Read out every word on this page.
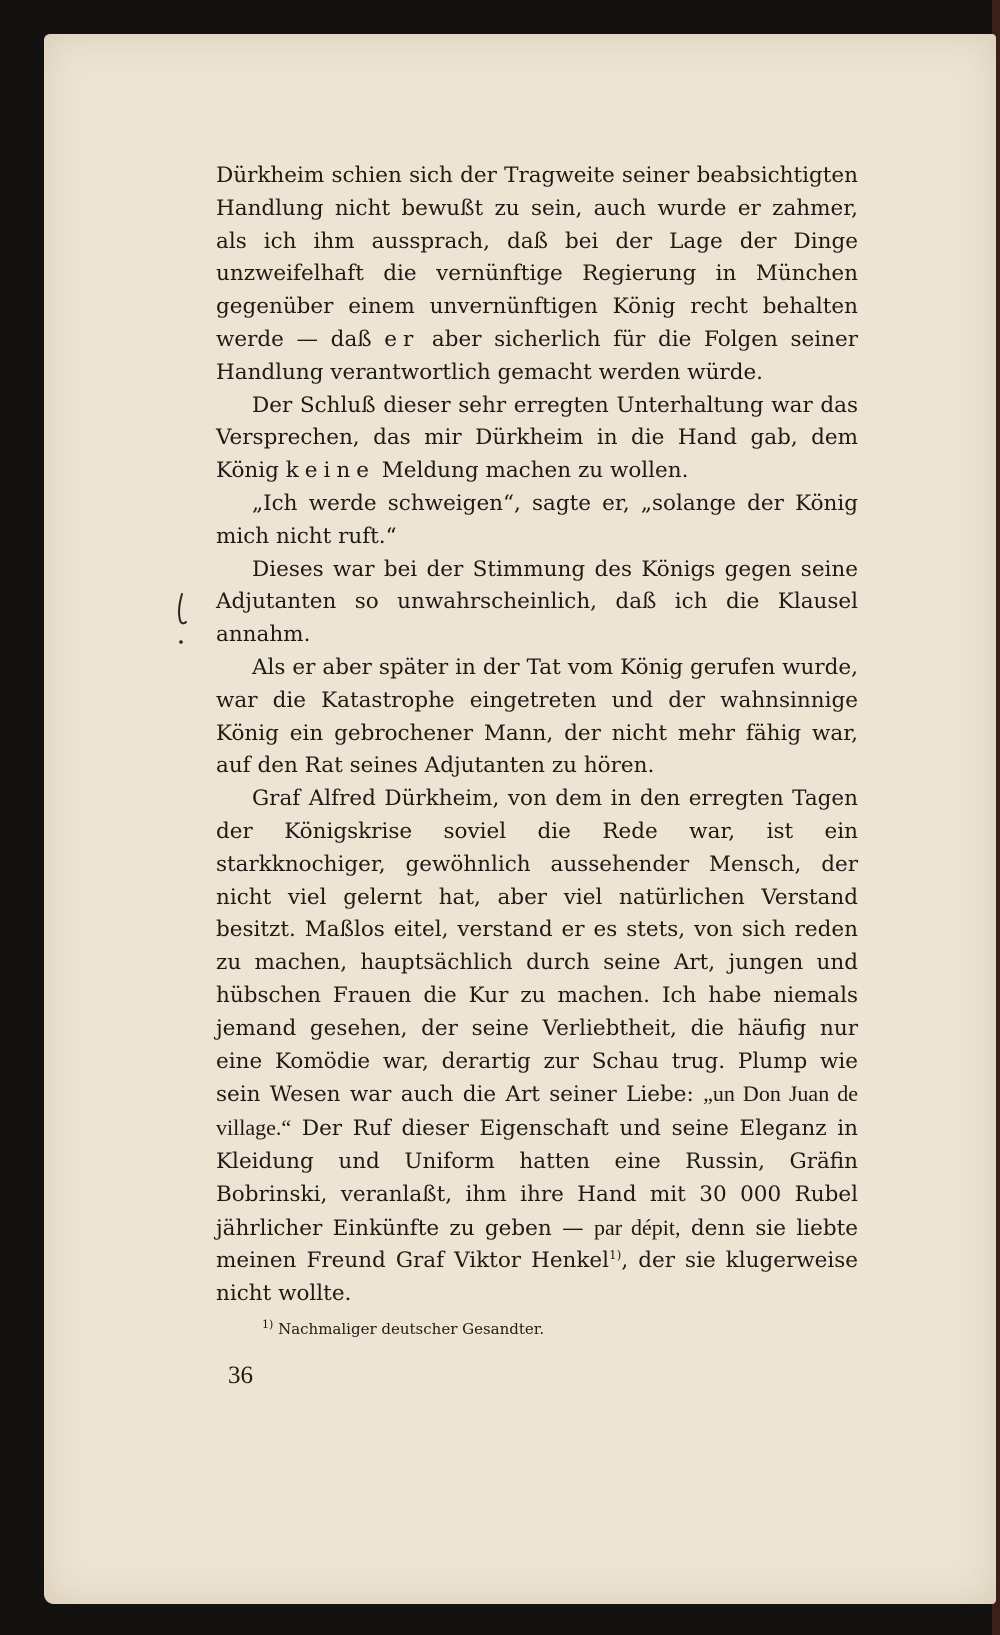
Dürkheim schien sich der Tragweite seiner beabsichtigten Handlung nicht bewußt zu sein, auch wurde er zahmer, als ich ihm aussprach, daß bei der Lage der Dinge unzweifelhaft die vernünftige Regierung in München gegenüber einem unvernünftigen König recht behalten werde — daß er aber sicherlich für die Folgen seiner Handlung verantwortlich gemacht werden würde.

Der Schluß dieser sehr erregten Unterhaltung war das Versprechen, das mir Dürkheim in die Hand gab, dem König keine Meldung machen zu wollen.

„Ich werde schweigen“, sagte er, „solange der König mich nicht ruft.“

Dieses war bei der Stimmung des Königs gegen seine Adjutanten so unwahrscheinlich, daß ich die Klausel annahm.

Als er aber später in der Tat vom König gerufen wurde, war die Katastrophe eingetreten und der wahnsinnige König ein gebrochener Mann, der nicht mehr fähig war, auf den Rat seines Adjutanten zu hören.

Graf Alfred Dürkheim, von dem in den erregten Tagen der Königskrise soviel die Rede war, ist ein starkknochiger, gewöhnlich aussehender Mensch, der nicht viel gelernt hat, aber viel natürlichen Verstand besitzt. Maßlos eitel, verstand er es stets, von sich reden zu machen, hauptsächlich durch seine Art, jungen und hübschen Frauen die Kur zu machen. Ich habe niemals jemand gesehen, der seine Verliebtheit, die häufig nur eine Komödie war, derartig zur Schau trug. Plump wie sein Wesen war auch die Art seiner Liebe: „un Don Juan de village.“ Der Ruf dieser Eigenschaft und seine Eleganz in Kleidung und Uniform hatten eine Russin, Gräfin Bobrinski, veranlaßt, ihm ihre Hand mit 30 000 Rubel jährlicher Einkünfte zu geben — par dépit, denn sie liebte meinen Freund Graf Viktor Henkel$^{1)}$, der sie klugerweise nicht wollte.

$^{1)}$ Nachmaliger deutscher Gesandter.
36
